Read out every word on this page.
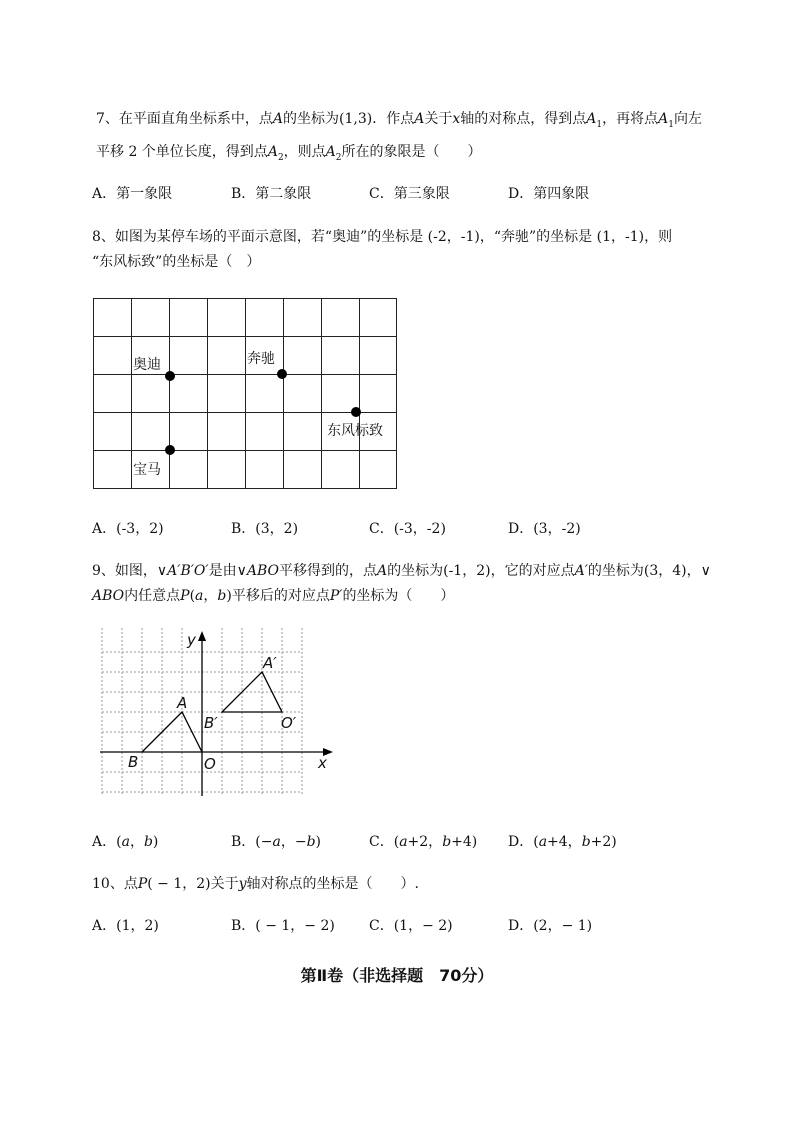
7、在平面直角坐标系中，点A的坐标为(1,3)．作点A关于x轴的对称点，得到点$A_1$，再将点$A_1$向左
平移 2 个单位长度，得到点$A_2$，则点$A_2$所在的象限是（　　）
A．第一象限	B．第二象限	C．第三象限	D．第四象限
8、如图为某停车场的平面示意图，若“奥迪”的坐标是 (-2，-1)，“奔驰”的坐标是 (1，-1)，则
“东风标致”的坐标是（　）
奥迪	奔驰
东风标致
宝马
A．(-3，2)	B．(3，2)	C．(-3，-2)	D．(3，-2)
9、如图，∨A′B′O′是由∨ABO平移得到的，点A的坐标为(-1，2)，它的对应点A′的坐标为(3，4)，∨
ABO内任意点P(a，b)平移后的对应点P′的坐标为（　　）
y
x
A
B	O
A′
B′	O′
A．(a，b)	B．(−a，−b)	C．(a+2，b+4) D．(a+4，b+2)
10、点P( − 1，2)关于y轴对称点的坐标是（　　）.
A．(1，2)	B．( − 1，− 2) C．(1，− 2)	D．(2，− 1)
第Ⅱ卷（非选择题　70分）
